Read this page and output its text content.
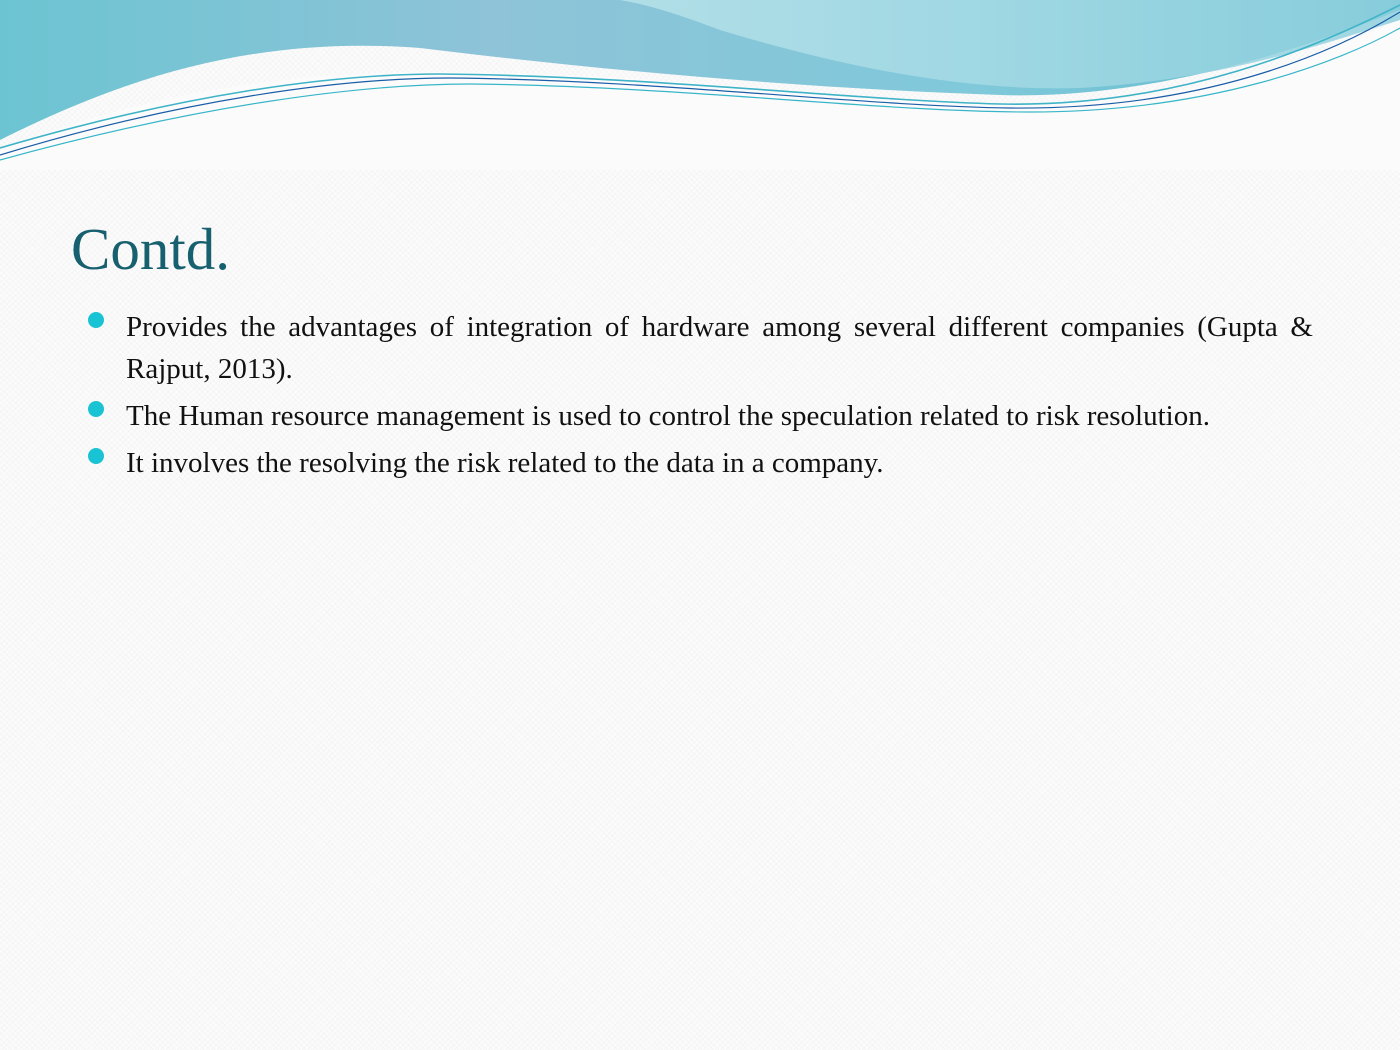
Contd.
Provides the advantages of integration of hardware among several different companies (Gupta & Rajput, 2013).
The Human resource management is used to control the speculation related to risk resolution.
It involves the resolving the risk related to the data in a company.
